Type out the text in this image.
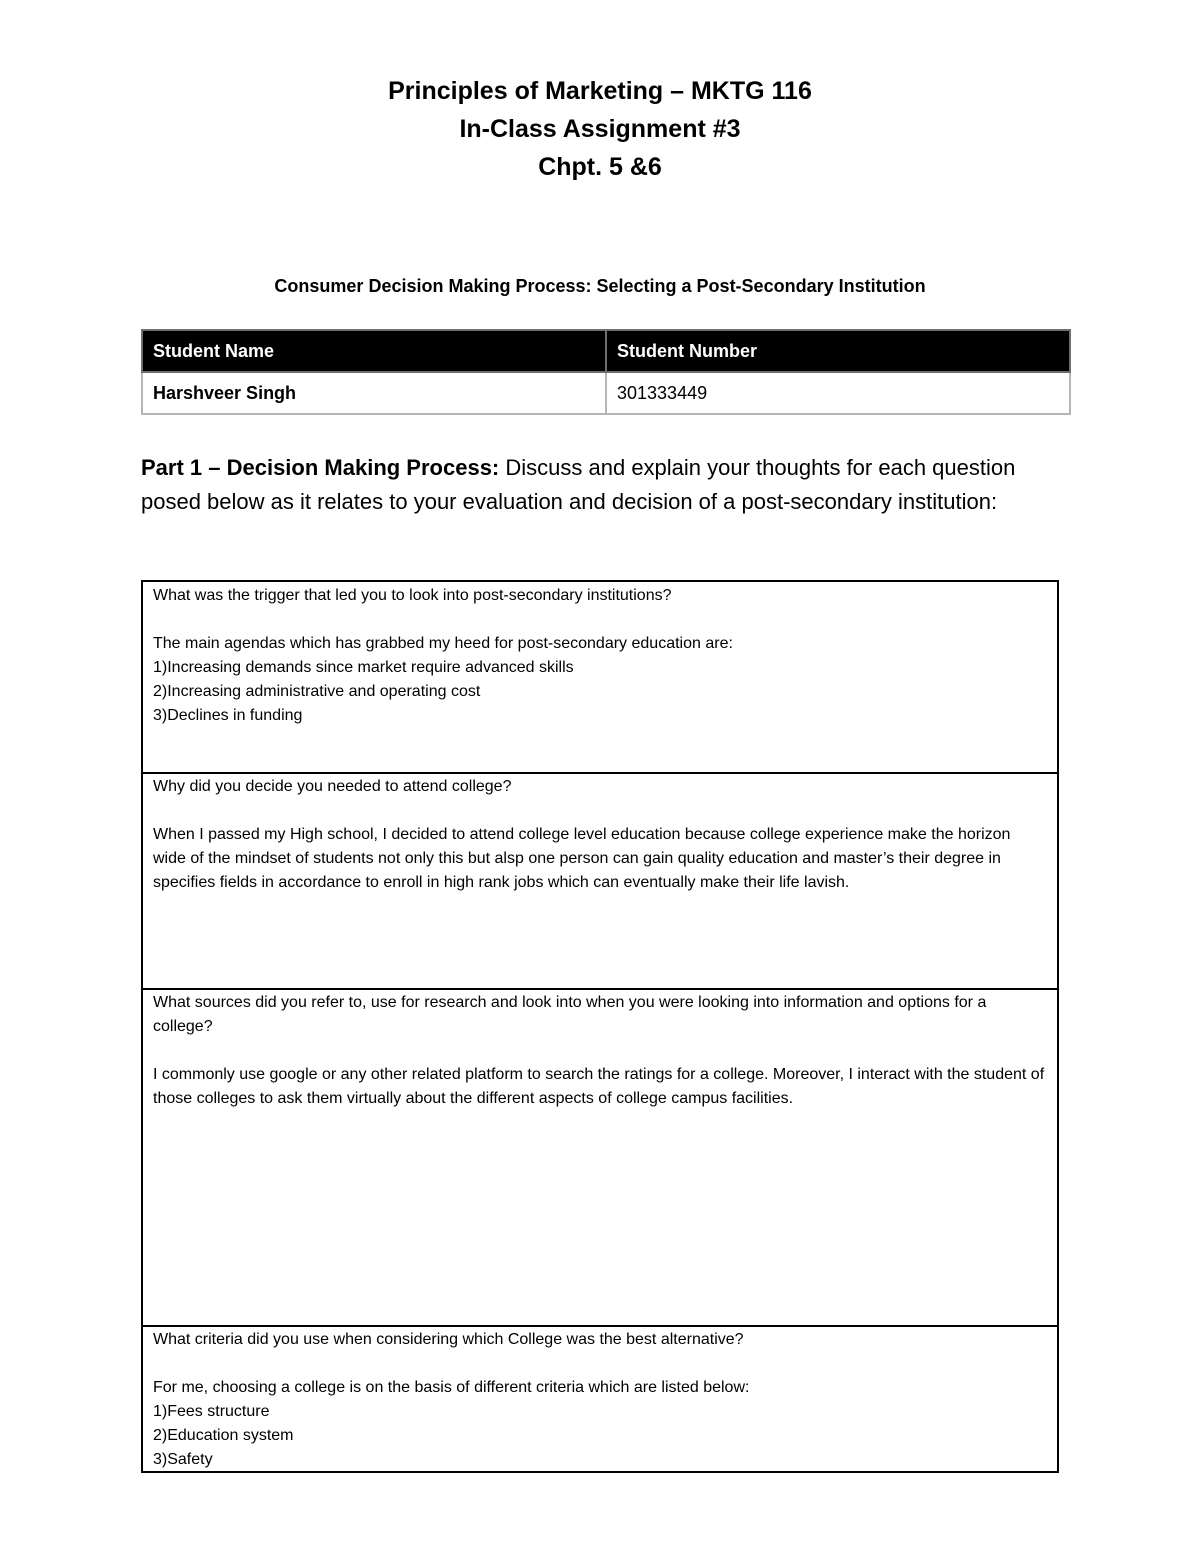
Principles of Marketing – MKTG 116

In-Class Assignment #3

Chpt. 5 &6

Consumer Decision Making Process: Selecting a Post-Secondary Institution

Student Name	Student Number
Harshveer Singh	301333449

Part 1 – Decision Making Process: Discuss and explain your thoughts for each question posed below as it relates to your evaluation and decision of a post-secondary institution:

What was the trigger that led you to look into post-secondary institutions?

The main agendas which has grabbed my heed for post-secondary education are:

1)Increasing demands since market require advanced skills

2)Increasing administrative and operating cost

3)Declines in funding

Why did you decide you needed to attend college?

When I passed my High school, I decided to attend college level education because college experience make the horizon wide of the mindset of students not only this but alsp one person can gain quality education and master’s their degree in specifies fields in accordance to enroll in high rank jobs which can eventually make their life lavish.

What sources did you refer to, use for research and look into when you were looking into information and options for a college?

I commonly use google or any other related platform to search the ratings for a college. Moreover, I interact with the student of those colleges to ask them virtually about the different aspects of college campus facilities.

What criteria did you use when considering which College was the best alternative?

For me, choosing a college is on the basis of different criteria which are listed below:

1)Fees structure

2)Education system

3)Safety
